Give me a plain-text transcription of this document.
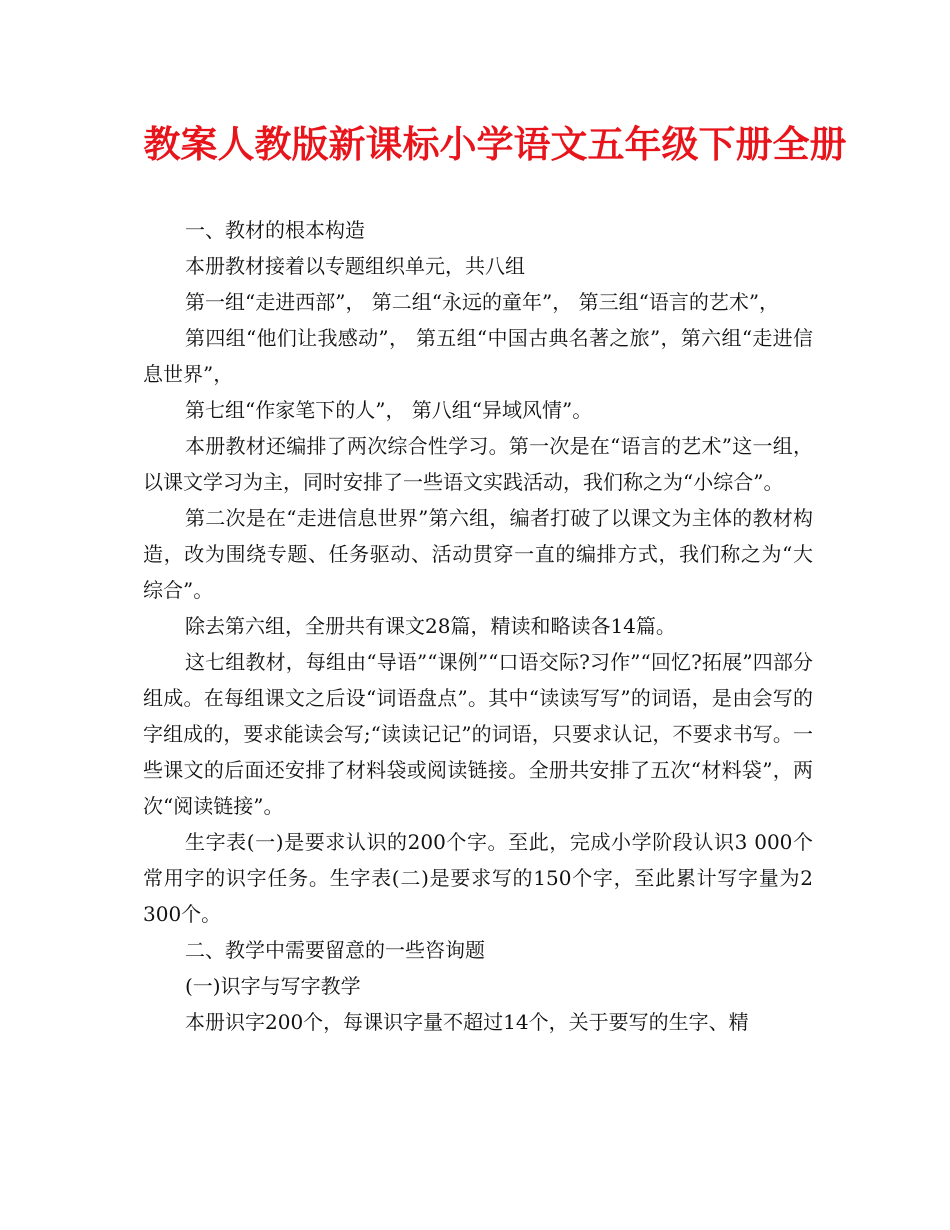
教案人教版新课标小学语文五年级下册全册

一、教材的根本构造

本册教材接着以专题组织单元，共八组

第一组“走进西部”， 第二组“永远的童年”， 第三组“语言的艺术”，

第四组“他们让我感动”， 第五组“中国古典名著之旅”，第六组“走进信息世界”，

第七组“作家笔下的人”， 第八组“异域风情”。

本册教材还编排了两次综合性学习。第一次是在“语言的艺术”这一组，以课文学习为主，同时安排了一些语文实践活动，我们称之为“小综合”。

第二次是在“走进信息世界”第六组，编者打破了以课文为主体的教材构造，改为围绕专题、任务驱动、活动贯穿一直的编排方式，我们称之为“大综合”。

除去第六组，全册共有课文28篇，精读和略读各14篇。

这七组教材，每组由“导语”“课例”“口语交际?习作”“回忆?拓展”四部分组成。在每组课文之后设“词语盘点”。其中“读读写写”的词语，是由会写的字组成的，要求能读会写;“读读记记”的词语，只要求认记，不要求书写。一些课文的后面还安排了材料袋或阅读链接。全册共安排了五次“材料袋”，两次“阅读链接”。

生字表(一)是要求认识的200个字。至此，完成小学阶段认识3 000个常用字的识字任务。生字表(二)是要求写的150个字，至此累计写字量为2 300个。

二、教学中需要留意的一些咨询题

(一)识字与写字教学

本册识字200个，每课识字量不超过14个，关于要写的生字、精
